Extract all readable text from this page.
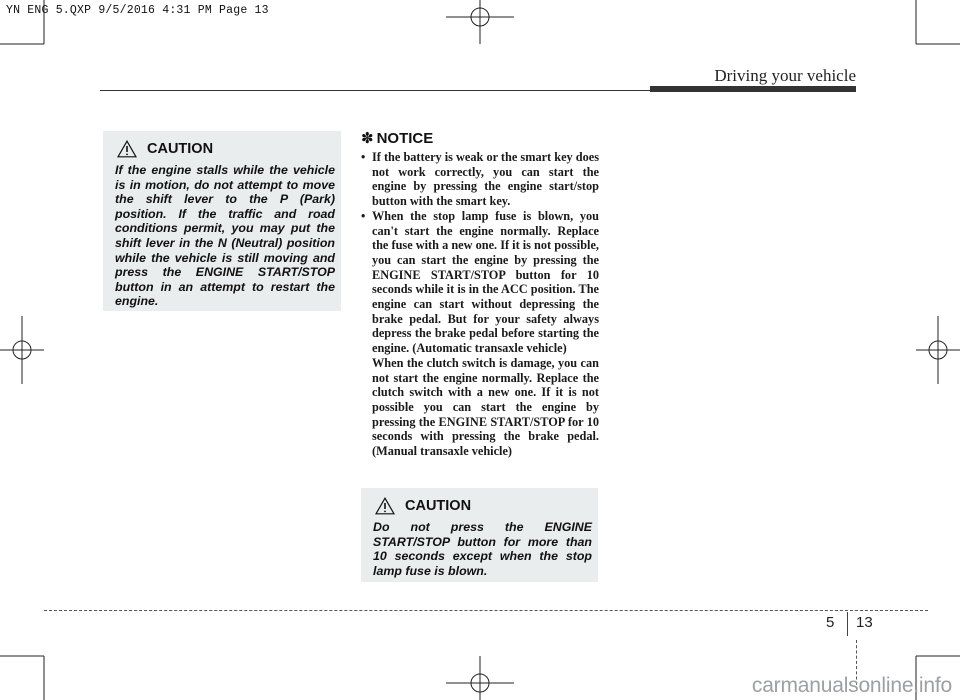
YN ENG 5.QXP 9/5/2016 4:31 PM Page 13
Driving your vehicle
CAUTION
If the engine stalls while the vehicle is in motion, do not attempt to move the shift lever to the P (Park) position. If the traffic and road conditions permit, you may put the shift lever in the N (Neutral) position while the vehicle is still moving and press the ENGINE START/STOP button in an attempt to restart the engine.
✽ NOTICE
• If the battery is weak or the smart key does not work correctly, you can start the engine by pressing the engine start/stop button with the smart key.

• When the stop lamp fuse is blown, you can't start the engine normally. Replace the fuse with a new one. If it is not possible, you can start the engine by pressing the ENGINE START/STOP button for 10 seconds while it is in the ACC position. The engine can start without depressing the brake pedal. But for your safety always depress the brake pedal before starting the engine. (Automatic transaxle vehicle)

When the clutch switch is damage, you can not start the engine normally. Replace the clutch switch with a new one. If it is not possible you can start the engine by pressing the ENGINE START/STOP for 10 seconds with pressing the brake pedal. (Manual transaxle vehicle)

CAUTION
Do not press the ENGINE START/STOP button for more than 10 seconds except when the stop lamp fuse is blown.
5 13
carmanualsonline.info
